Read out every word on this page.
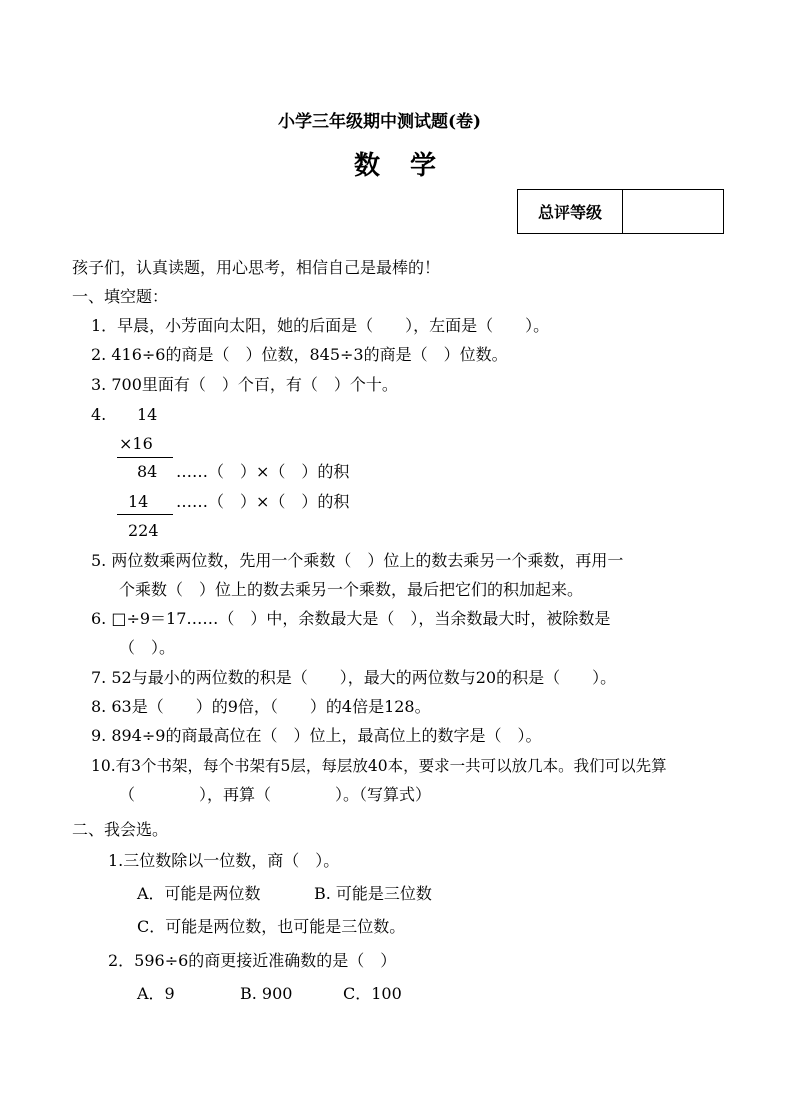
小学三年级期中测试题(卷)
数 学
总评等级
孩子们，认真读题，用心思考，相信自己是最棒的！
一、填空题：
1．早晨，小芳面向太阳，她的后面是（　　），左面是（　　）。
2. 416÷6的商是（　）位数，845÷3的商是（　）位数。
3. 700里面有（　）个百，有（　）个十。
4. 14
×16
84 ……（　）×（　）的积
14 ……（　）×（　）的积
224
5. 两位数乘两位数，先用一个乘数（　）位上的数去乘另一个乘数，再用一
个乘数（　）位上的数去乘另一个乘数，最后把它们的积加起来。
6. □÷9＝17……（　）中，余数最大是（　），当余数最大时，被除数是
（　）。
7. 52与最小的两位数的积是（　　），最大的两位数与20的积是（　　）。
8. 63是（　　）的9倍，（　　）的4倍是128。
9. 894÷9的商最高位在（　）位上，最高位上的数字是（　）。
10.有3个书架，每个书架有5层，每层放40本，要求一共可以放几本。我们可以先算
（　　　　），再算（　　　　）。（写算式）
二、我会选。
1.三位数除以一位数，商（　）。
A．可能是两位数	B. 可能是三位数
C．可能是两位数，也可能是三位数。
2．596÷6的商更接近准确数的是（　）
A．9	B. 900	C．100
